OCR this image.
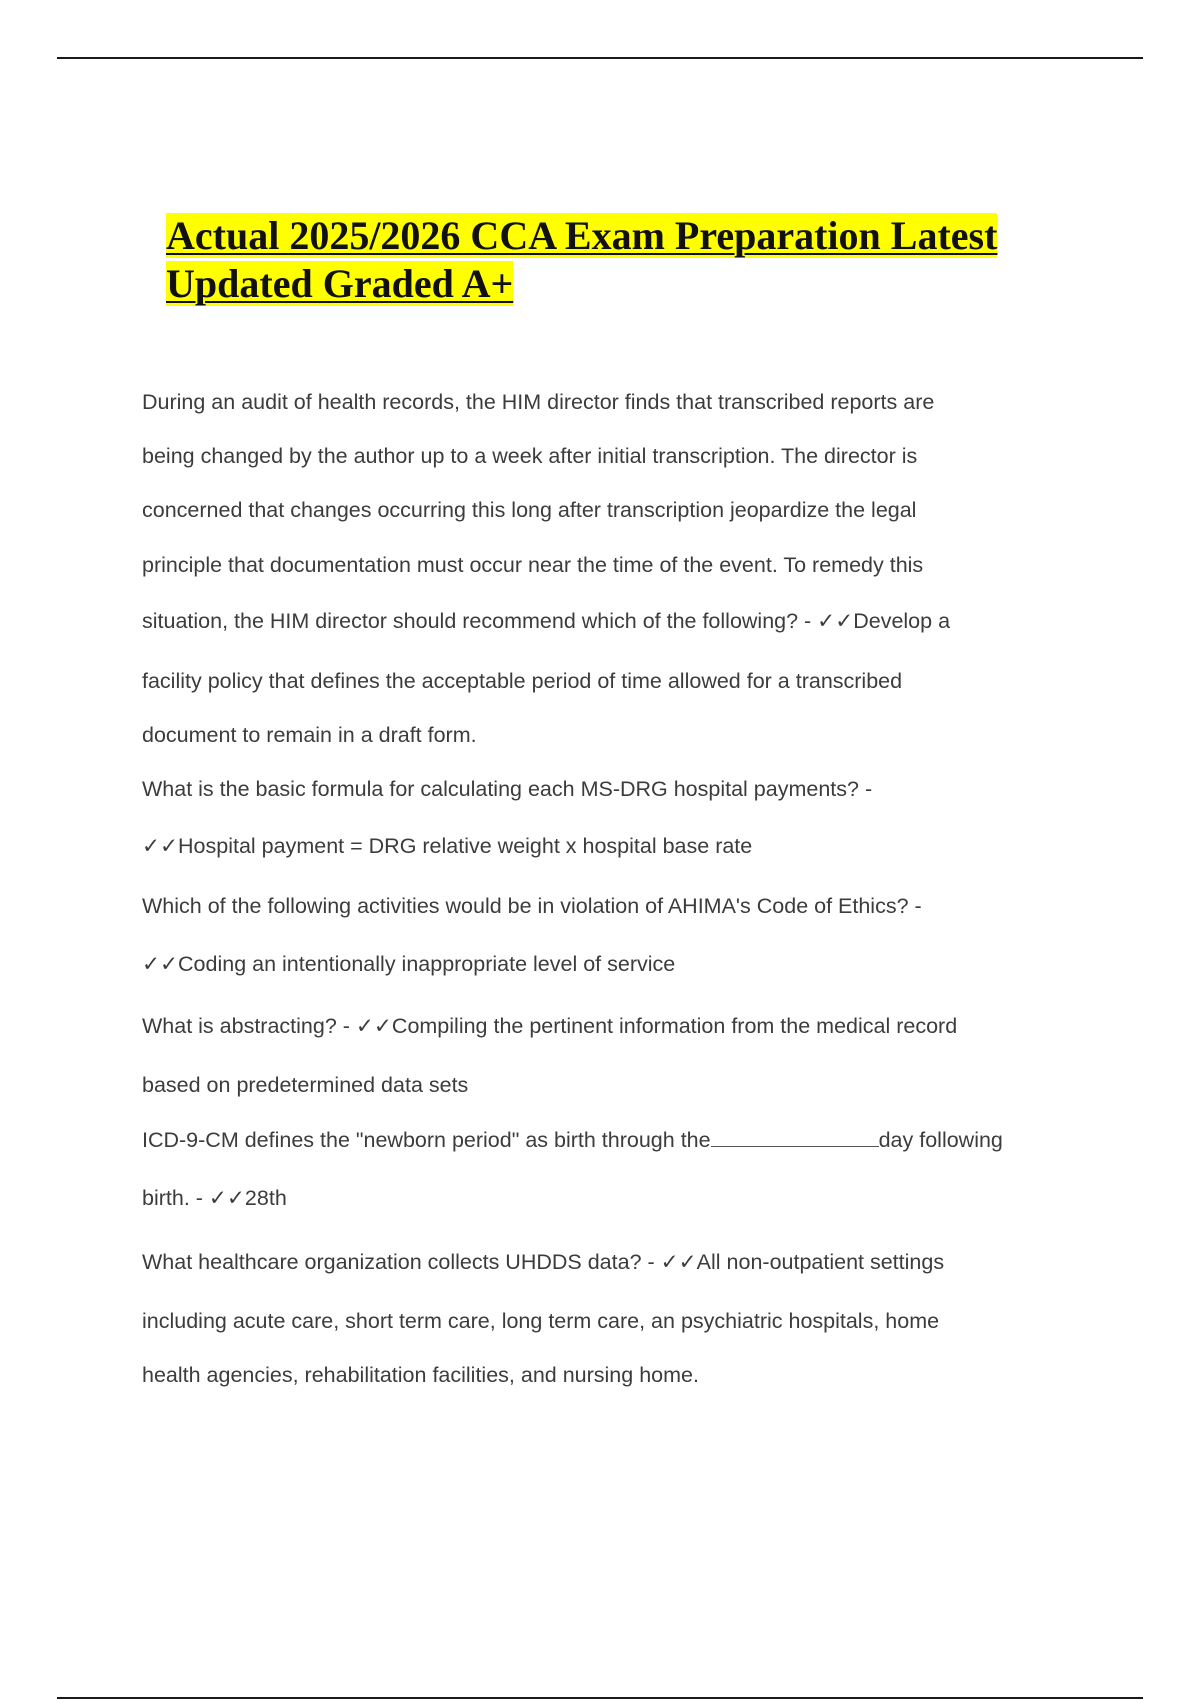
Actual 2025/2026 CCA Exam Preparation Latest
Updated Graded A+

During an audit of health records, the HIM director finds that transcribed reports are

being changed by the author up to a week after initial transcription. The director is

concerned that changes occurring this long after transcription jeopardize the legal

principle that documentation must occur near the time of the event. To remedy this

situation, the HIM director should recommend which of the following? - ✓✓Develop a

facility policy that defines the acceptable period of time allowed for a transcribed

document to remain in a draft form.

What is the basic formula for calculating each MS-DRG hospital payments? -

✓✓Hospital payment = DRG relative weight x hospital base rate

Which of the following activities would be in violation of AHIMA's Code of Ethics? -

✓✓Coding an intentionally inappropriate level of service

What is abstracting? - ✓✓Compiling the pertinent information from the medical record

based on predetermined data sets

ICD-9-CM defines the "newborn period" as birth through the	day following

birth. - ✓✓28th

What healthcare organization collects UHDDS data? - ✓✓All non-outpatient settings

including acute care, short term care, long term care, an psychiatric hospitals, home

health agencies, rehabilitation facilities, and nursing home.
